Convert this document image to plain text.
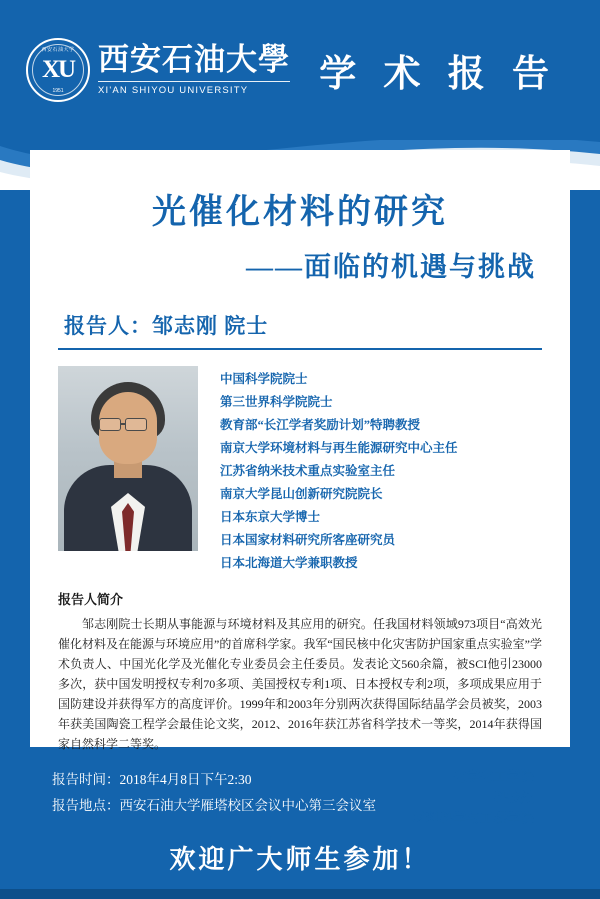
西安石油大学
XU
1951
西安石油大學
XI'AN SHIYOU UNIVERSITY	学 术 报 告
光催化材料的研究
——面临的机遇与挑战
报告人：邹志刚 院士
中国科学院院士
第三世界科学院院士
教育部“长江学者奖励计划”特聘教授
南京大学环境材料与再生能源研究中心主任
江苏省纳米技术重点实验室主任
南京大学昆山创新研究院院长
日本东京大学博士
日本国家材料研究所客座研究员
日本北海道大学兼职教授
报告人简介
邹志刚院士长期从事能源与环境材料及其应用的研究。任我国材料领域973项目“高效光催化材料及在能源与环境应用”的首席科学家。我军“国民核中化灾害防护国家重点实验室”学术负责人、中国光化学及光催化专业委员会主任委员。发表论文560余篇，被SCI他引23000多次，获中国发明授权专利70多项、美国授权专利1项、日本授权专利2项，多项成果应用于国防建设并获得军方的高度评价。1999年和2003年分别两次获得国际结晶学会员被奖，2003年获美国陶瓷工程学会最佳论文奖，2012、2016年获江苏省科学技术一等奖，2014年获得国家自然科学二等奖。
化学化工学院
科技处
材料科学与工程学院
报告时间：2018年4月8日下午2:30
报告地点：西安石油大学雁塔校区会议中心第三会议室
欢迎广大师生参加！
